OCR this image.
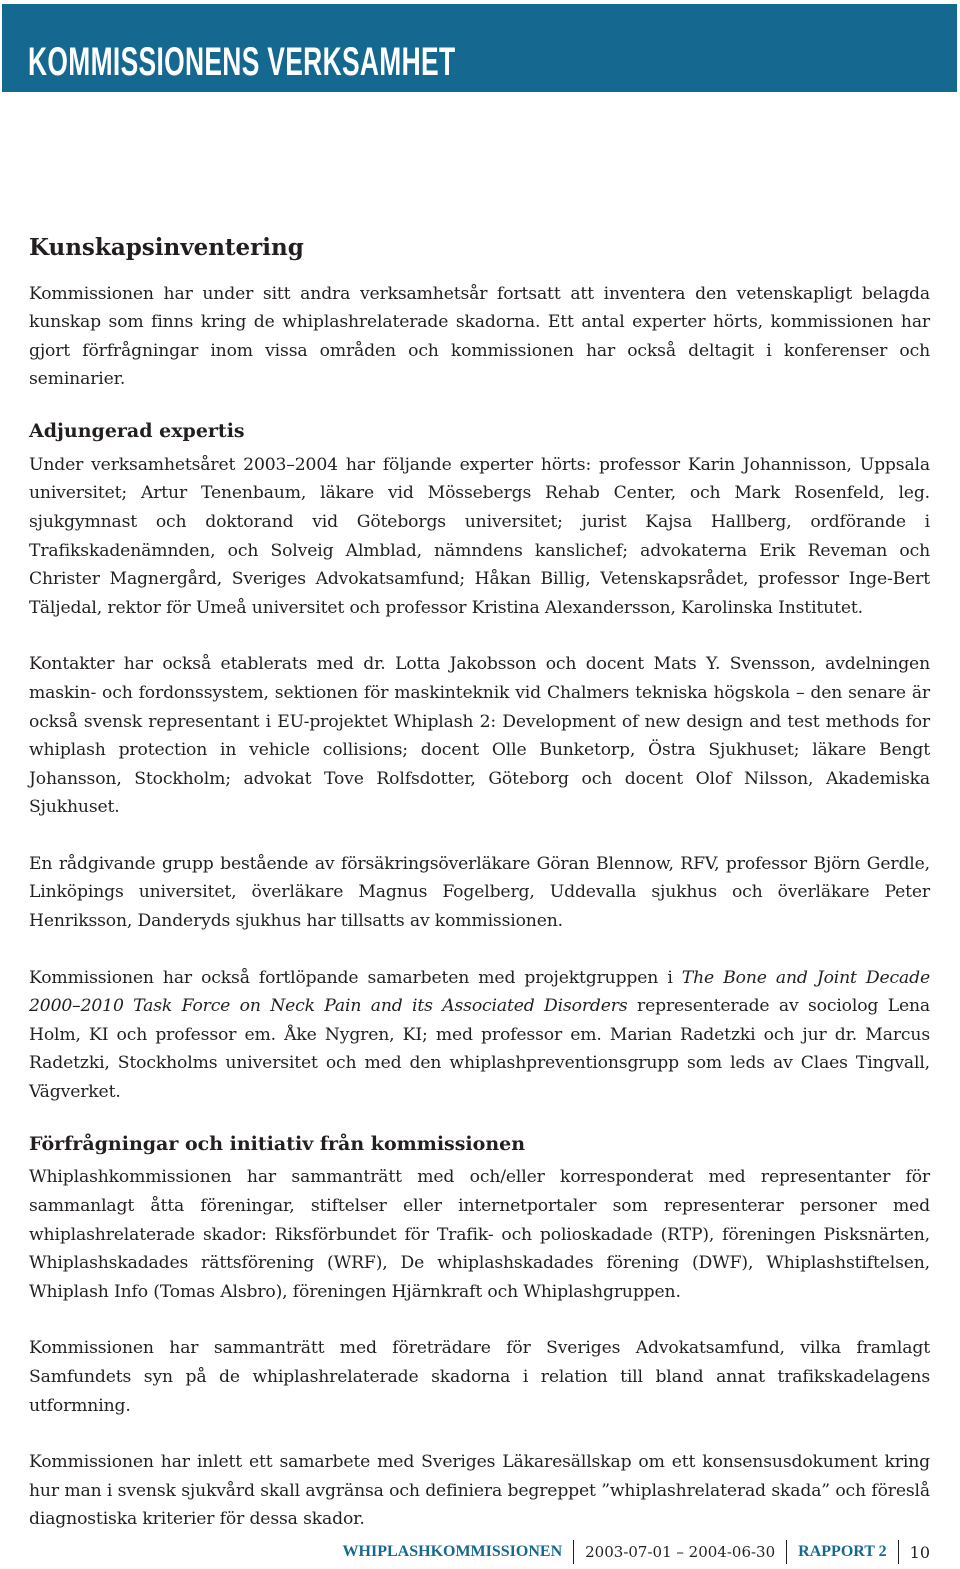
KOMMISSIONENS VERKSAMHET
Kunskapsinventering

Kommissionen har under sitt andra verksamhetsår fortsatt att inventera den vetenskapligt belagda kunskap som finns kring de whiplashrelaterade skadorna. Ett antal experter hörts, kommissionen har gjort förfrågningar inom vissa områden och kommissionen har också deltagit i konferenser och seminarier.

Adjungerad expertis

Under verksamhetsåret 2003–2004 har följande experter hörts: professor Karin Johannisson, Uppsala universitet; Artur Tenenbaum, läkare vid Mössebergs Rehab Center, och Mark Rosenfeld, leg. sjukgymnast och doktorand vid Göteborgs universitet; jurist Kajsa Hallberg, ordförande i Trafikskadenämnden, och Solveig Almblad, nämndens kanslichef; advokaterna Erik Reveman och Christer Magnergård, Sveriges Advokatsamfund; Håkan Billig, Vetenskapsrådet, professor Inge-Bert Täljedal, rektor för Umeå universitet och professor Kristina Alexandersson, Karolinska Institutet.

Kontakter har också etablerats med dr. Lotta Jakobsson och docent Mats Y. Svensson, avdelningen maskin- och fordonssystem, sektionen för maskinteknik vid Chalmers tekniska högskola – den senare är också svensk representant i EU-projektet Whiplash 2: Development of new design and test methods for whiplash protection in vehicle collisions; docent Olle Bunketorp, Östra Sjukhuset; läkare Bengt Johansson, Stockholm; advokat Tove Rolfsdotter, Göteborg och docent Olof Nilsson, Akademiska Sjukhuset.

En rådgivande grupp bestående av försäkringsöverläkare Göran Blennow, RFV, professor Björn Gerdle, Linköpings universitet, överläkare Magnus Fogelberg, Uddevalla sjukhus och överläkare Peter Henriksson, Danderyds sjukhus har tillsatts av kommissionen.

Kommissionen har också fortlöpande samarbeten med projektgruppen i The Bone and Joint Decade 2000–2010 Task Force on Neck Pain and its Associated Disorders representerade av sociolog Lena Holm, KI och professor em. Åke Nygren, KI; med professor em. Marian Radetzki och jur dr. Marcus Radetzki, Stockholms universitet och med den whiplashpreventionsgrupp som leds av Claes Tingvall, Vägverket.

Förfrågningar och initiativ från kommissionen

Whiplashkommissionen har sammanträtt med och/eller korresponderat med representanter för sammanlagt åtta föreningar, stiftelser eller internetportaler som representerar personer med whiplashrelaterade skador: Riksförbundet för Trafik- och polioskadade (RTP), föreningen Pisksnärten, Whiplashskadades rättsförening (WRF), De whiplashskadades förening (DWF), Whiplashstiftelsen, Whiplash Info (Tomas Alsbro), föreningen Hjärnkraft och Whiplashgruppen.

Kommissionen har sammanträtt med företrädare för Sveriges Advokatsamfund, vilka framlagt Samfundets syn på de whiplashrelaterade skadorna i relation till bland annat trafikskadelagens utformning.

Kommissionen har inlett ett samarbete med Sveriges Läkaresällskap om ett konsensusdokument kring hur man i svensk sjukvård skall avgränsa och definiera begreppet ”whiplashrelaterad skada” och föreslå diagnostiska kriterier för dessa skador.

WHIPLASHKOMMISSIONEN 2003-07-01 – 2004-06-30 RAPPORT 2 10
